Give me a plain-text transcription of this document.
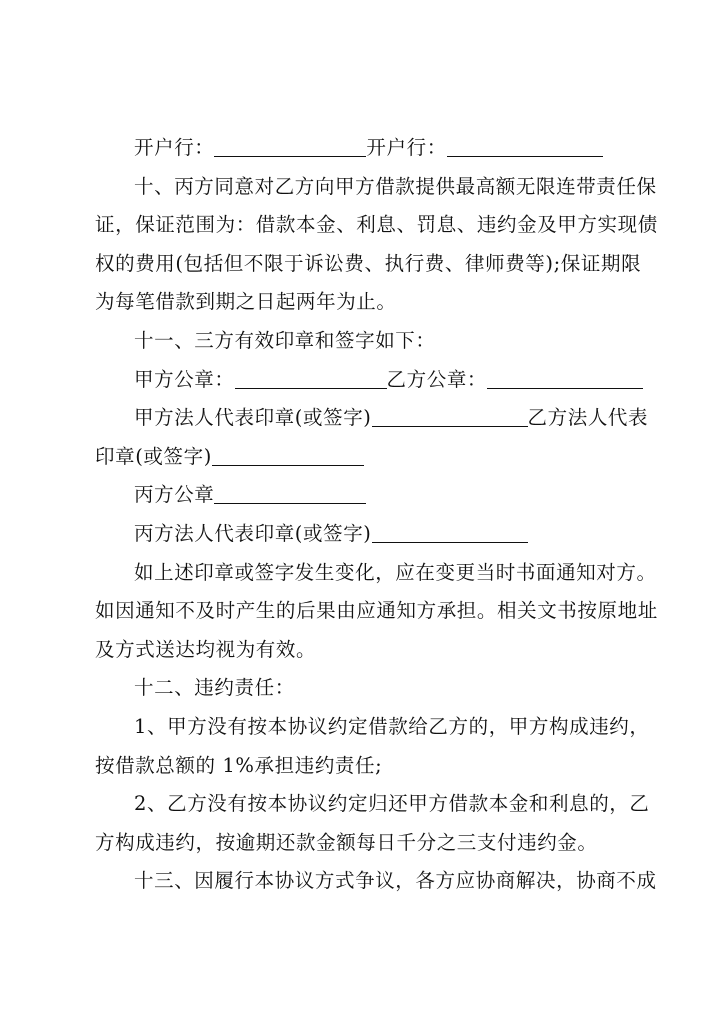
开户行：	开户行：
十、丙方同意对乙方向甲方借款提供最高额无限连带责任保
证，保证范围为：借款本金、利息、罚息、违约金及甲方实现债
权的费用(包括但不限于诉讼费、执行费、律师费等);保证期限
为每笔借款到期之日起两年为止。
十一、三方有效印章和签字如下：
甲方公章：	乙方公章：
甲方法人代表印章(或签字)	乙方法人代表
印章(或签字)
丙方公章
丙方法人代表印章(或签字)
如上述印章或签字发生变化，应在变更当时书面通知对方。
如因通知不及时产生的后果由应通知方承担。相关文书按原地址
及方式送达均视为有效。
十二、违约责任：
1、甲方没有按本协议约定借款给乙方的，甲方构成违约，
按借款总额的 1%承担违约责任;
2、乙方没有按本协议约定归还甲方借款本金和利息的，乙
方构成违约，按逾期还款金额每日千分之三支付违约金。
十三、因履行本协议方式争议，各方应协商解决，协商不成
